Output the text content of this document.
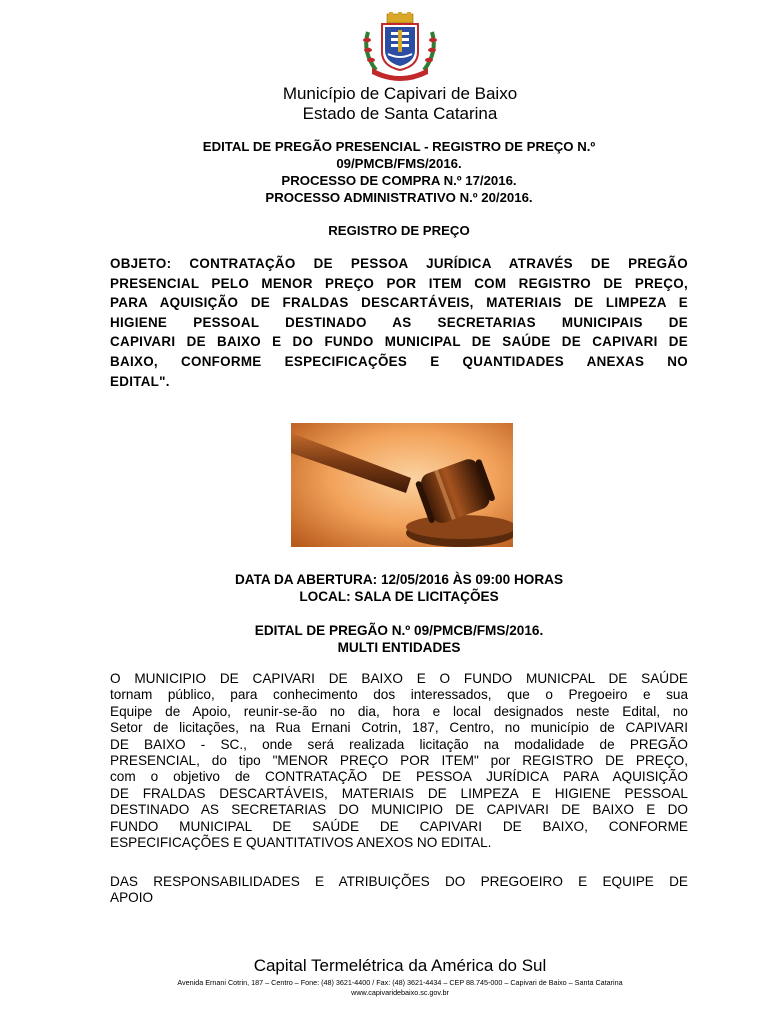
Município de Capivari de Baixo
Estado de Santa Catarina
EDITAL DE PREGÃO PRESENCIAL - REGISTRO DE PREÇO N.º
09/PMCB/FMS/2016.
PROCESSO DE COMPRA N.º 17/2016.
PROCESSO ADMINISTRATIVO N.º 20/2016.
REGISTRO DE PREÇO
OBJETO: CONTRATAÇÃO DE PESSOA JURÍDICA ATRAVÉS DE PREGÃO
PRESENCIAL PELO MENOR PREÇO POR ITEM COM REGISTRO DE PREÇO,
PARA AQUISIÇÃO DE FRALDAS DESCARTÁVEIS, MATERIAIS DE LIMPEZA E
HIGIENE PESSOAL DESTINADO AS SECRETARIAS MUNICIPAIS DE
CAPIVARI DE BAIXO E DO FUNDO MUNICIPAL DE SAÚDE DE CAPIVARI DE
BAIXO, CONFORME ESPECIFICAÇÕES E QUANTIDADES ANEXAS NO
EDITAL".
DATA DA ABERTURA: 12/05/2016 ÀS 09:00 HORAS
LOCAL: SALA DE LICITAÇÕES
EDITAL DE PREGÃO N.º 09/PMCB/FMS/2016.
MULTI ENTIDADES
O MUNICIPIO DE CAPIVARI DE BAIXO E O FUNDO MUNICPAL DE SAÚDE
tornam público, para conhecimento dos interessados, que o Pregoeiro e sua
Equipe de Apoio, reunir-se-ão no dia, hora e local designados neste Edital, no
Setor de licitações, na Rua Ernani Cotrin, 187, Centro, no município de CAPIVARI
DE BAIXO - SC., onde será realizada licitação na modalidade de PREGÃO
PRESENCIAL, do tipo "MENOR PREÇO POR ITEM" por REGISTRO DE PREÇO,
com o objetivo de CONTRATAÇÃO DE PESSOA JURÍDICA PARA AQUISIÇÃO
DE FRALDAS DESCARTÁVEIS, MATERIAIS DE LIMPEZA E HIGIENE PESSOAL
DESTINADO AS SECRETARIAS DO MUNICIPIO DE CAPIVARI DE BAIXO E DO
FUNDO MUNICIPAL DE SAÚDE DE CAPIVARI DE BAIXO, CONFORME
ESPECIFICAÇÕES E QUANTITATIVOS ANEXOS NO EDITAL.
DAS RESPONSABILIDADES E ATRIBUIÇÕES DO PREGOEIRO E EQUIPE DE
APOIO
Capital Termelétrica da América do Sul
Avenida Ernani Cotrin, 187 – Centro – Fone: (48) 3621-4400 / Fax: (48) 3621-4434 – CEP 88.745-000 – Capivari de Baixo – Santa Catarina
www.capivaridebaixo.sc.gov.br
